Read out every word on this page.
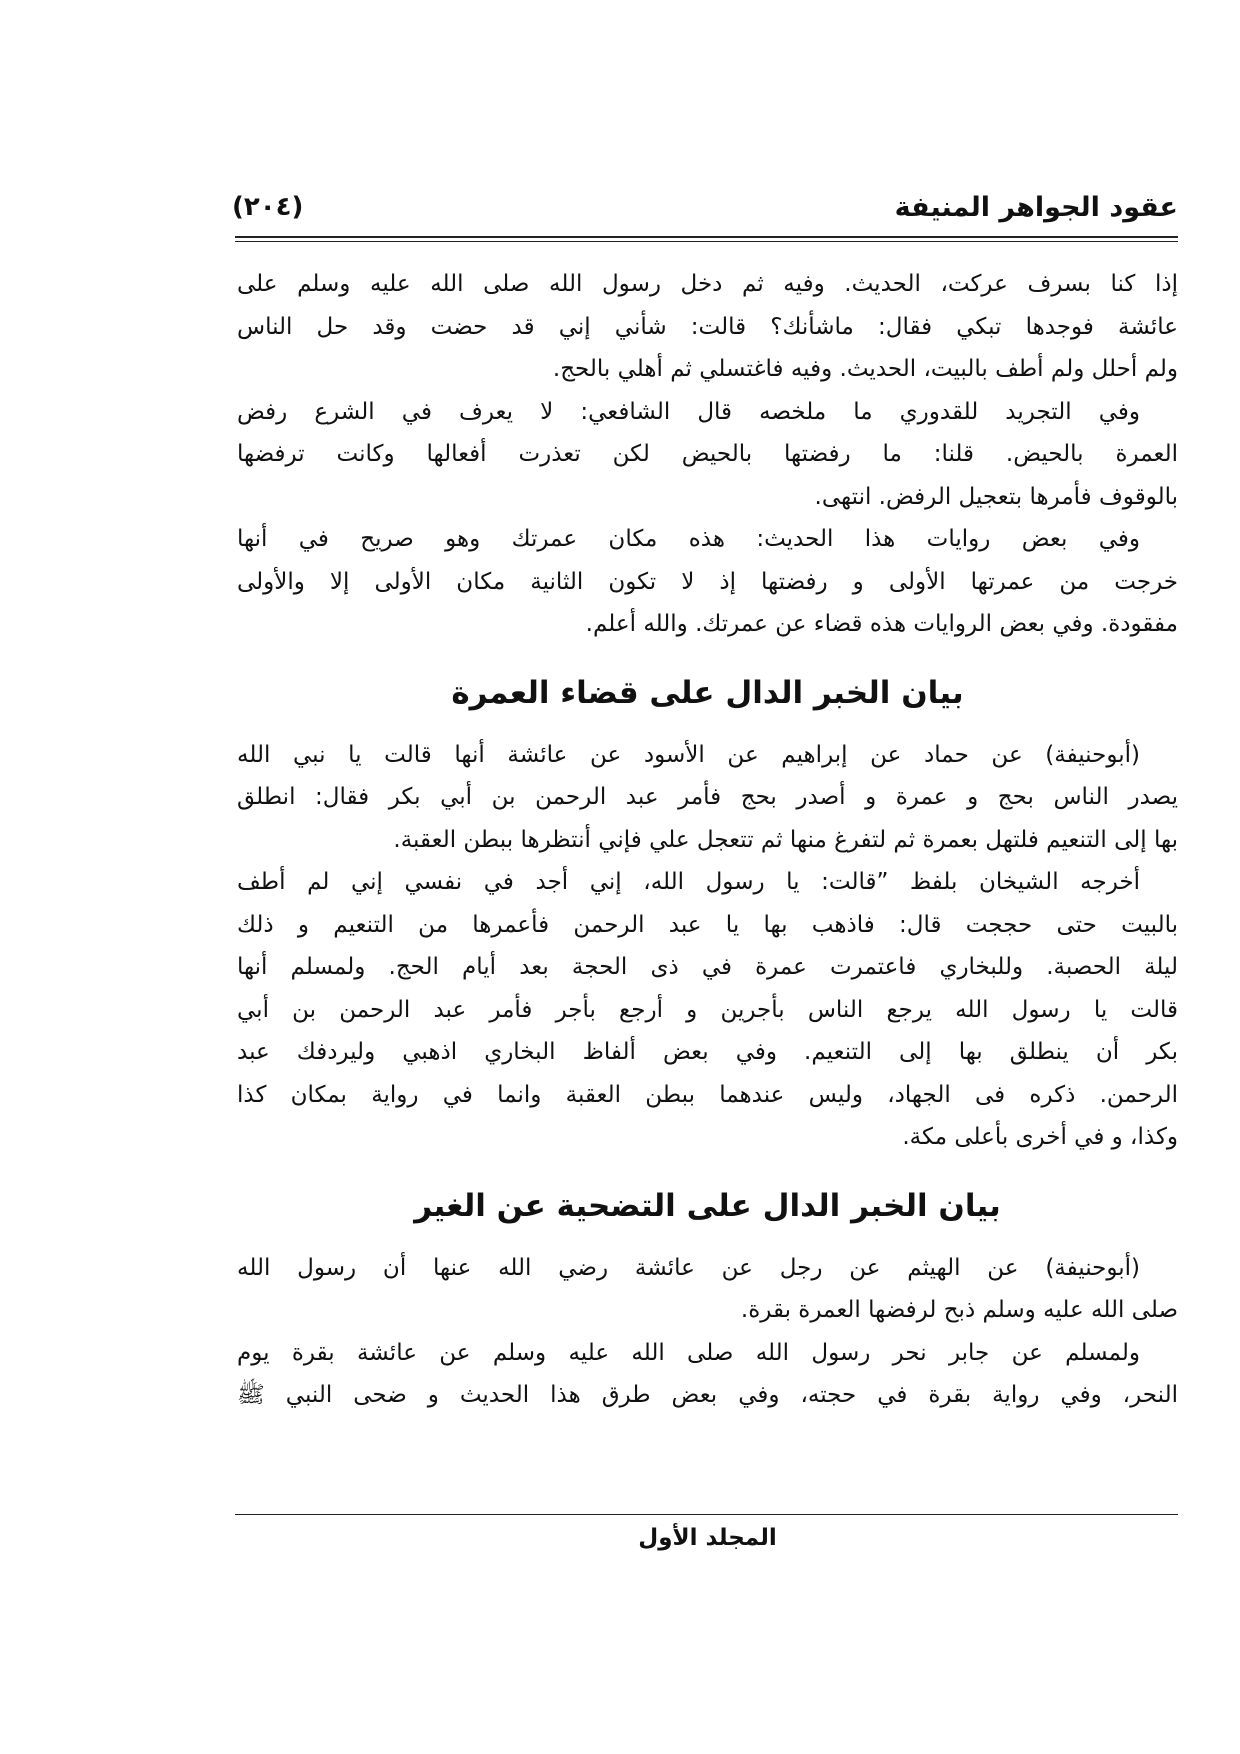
عقود الجواهر المنيفة
(٢٠٤)
إذا كنا بسرف عركت، الحديث. وفيه ثم دخل رسول الله صلى الله عليه وسلم على
عائشة فوجدها تبكي فقال: ماشأنك؟ قالت: شأني إني قد حضت وقد حل الناس
ولم أحلل ولم أطف بالبيت، الحديث. وفيه فاغتسلي ثم أهلي بالحج.
وفي التجريد للقدوري ما ملخصه قال الشافعي: لا يعرف في الشرع رفض
العمرة بالحيض. قلنا: ما رفضتها بالحيض لكن تعذرت أفعالها وكانت ترفضها
بالوقوف فأمرها بتعجيل الرفض. انتهى.
وفي بعض روايات هذا الحديث: هذه مكان عمرتك وهو صريح في أنها
خرجت من عمرتها الأولى و رفضتها إذ لا تكون الثانية مكان الأولى إلا والأولى
مفقودة. وفي بعض الروايات هذه قضاء عن عمرتك. والله أعلم.
بيان الخبر الدال على قضاء العمرة
(أبوحنيفة) عن حماد عن إبراهيم عن الأسود عن عائشة أنها قالت يا نبي الله
يصدر الناس بحج و عمرة و أصدر بحج فأمر عبد الرحمن بن أبي بكر فقال: انطلق
بها إلى التنعيم فلتهل بعمرة ثم لتفرغ منها ثم تتعجل علي فإني أنتظرها ببطن العقبة.
أخرجه الشيخان بلفظ ”قالت: يا رسول الله، إني أجد في نفسي إني لم أطف
بالبيت حتى حججت قال: فاذهب بها يا عبد الرحمن فأعمرها من التنعيم و ذلك
ليلة الحصبة. وللبخاري فاعتمرت عمرة في ذى الحجة بعد أيام الحج. ولمسلم أنها
قالت يا رسول الله يرجع الناس بأجرين و أرجع بأجر فأمر عبد الرحمن بن أبي
بكر أن ينطلق بها إلى التنعيم. وفي بعض ألفاظ البخاري اذهبي وليردفك عبد
الرحمن. ذكره فى الجهاد، وليس عندهما ببطن العقبة وانما في رواية بمكان كذا
وكذا، و في أخرى بأعلى مكة.
بيان الخبر الدال على التضحية عن الغير
(أبوحنيفة) عن الهيثم عن رجل عن عائشة رضي الله عنها أن رسول الله
صلى الله عليه وسلم ذبح لرفضها العمرة بقرة.
ولمسلم عن جابر نحر رسول الله صلى الله عليه وسلم عن عائشة بقرة يوم
النحر، وفي رواية بقرة في حجته، وفي بعض طرق هذا الحديث و ضحى النبي ﷺ
المجلد الأول
